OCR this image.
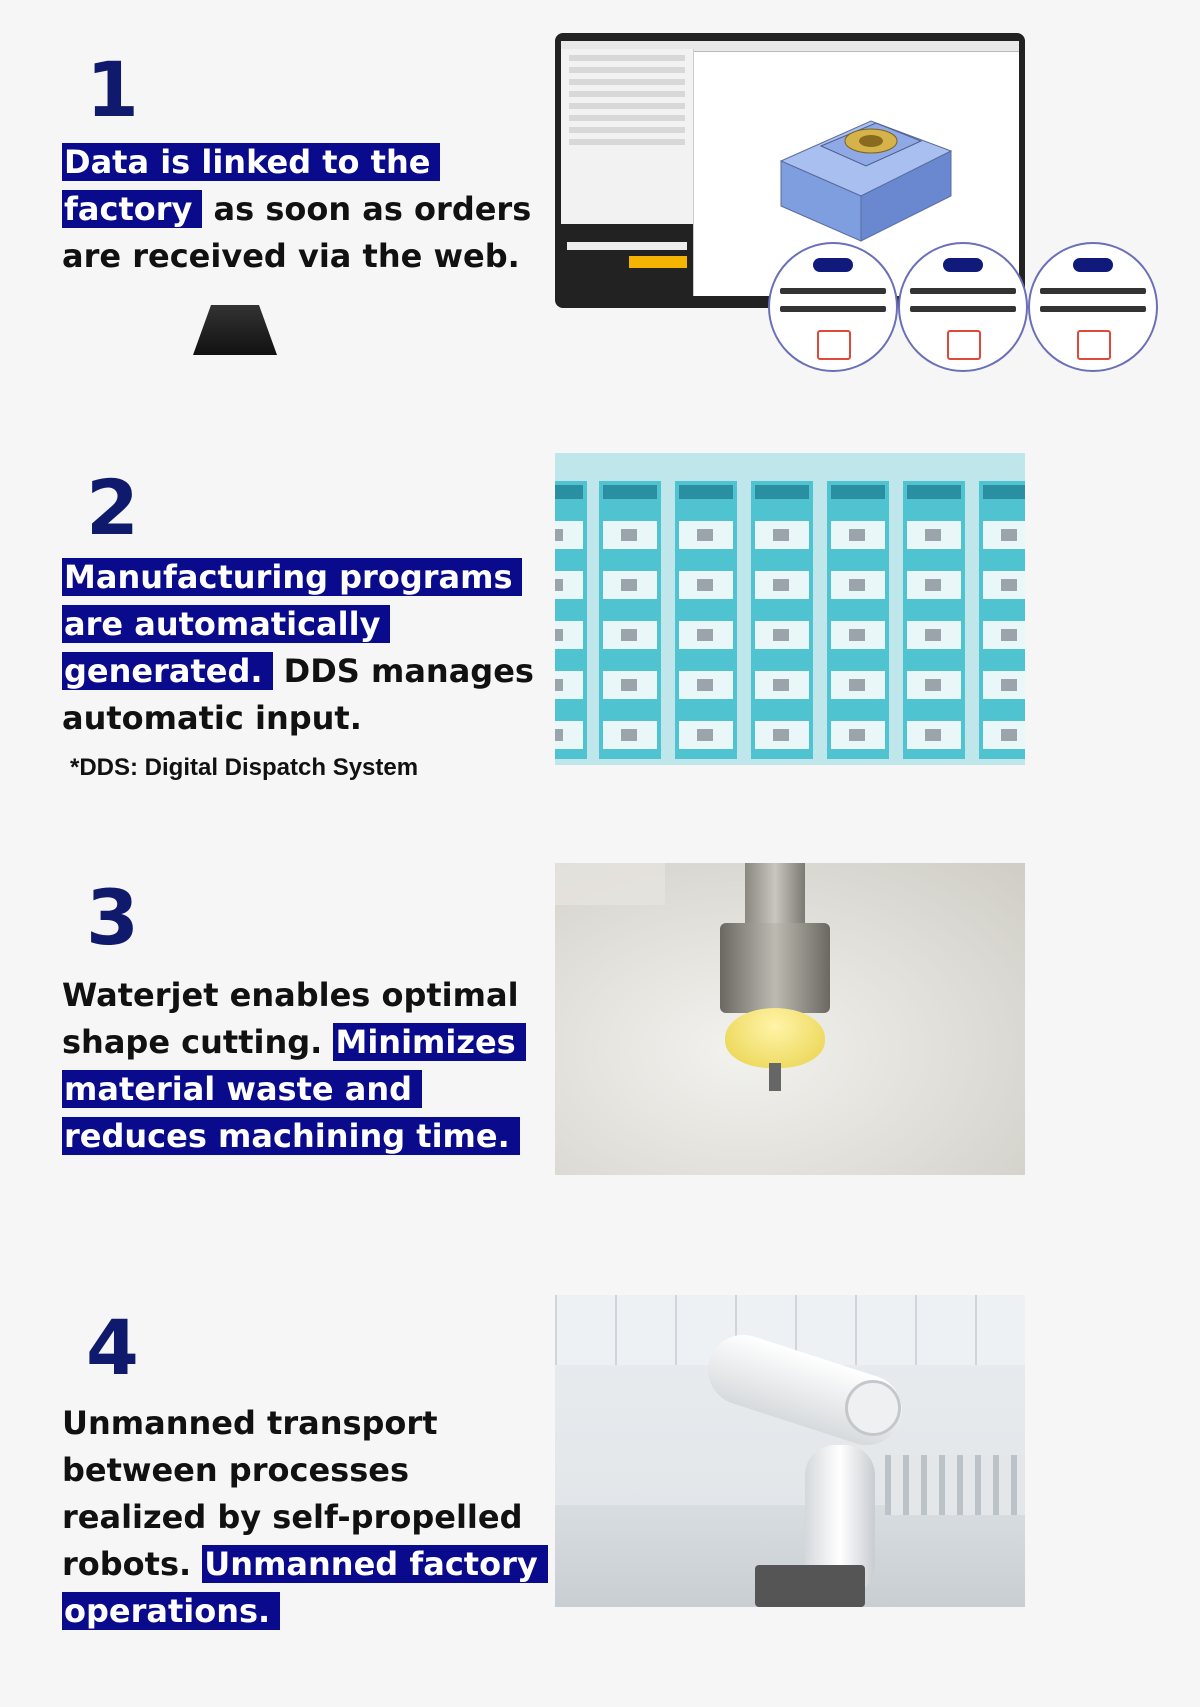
1
Data is linked to the factory as soon as orders are received via the web.
2
Manufacturing programs are automatically generated. DDS manages automatic input.
*DDS: Digital Dispatch System
3
Waterjet enables optimal shape cutting. Minimizes material waste and reduces machining time.
4
Unmanned transport between processes realized by self-propelled robots. Unmanned factory operations.
